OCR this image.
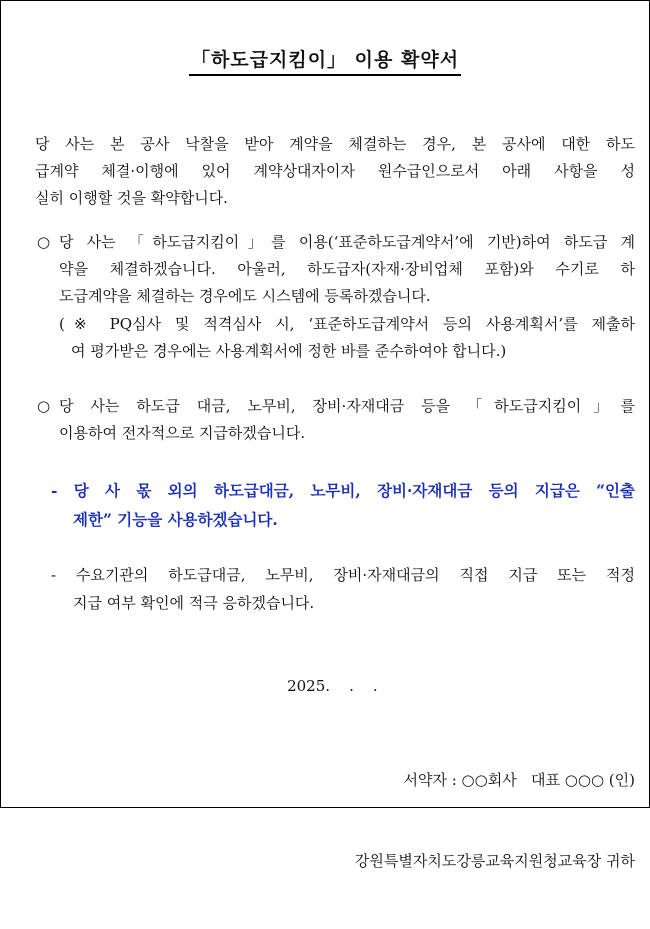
「하도급지킴이」 이용 확약서
당 사는 본 공사 낙찰을 받아 계약을 체결하는 경우, 본 공사에 대한 하도
급계약 체결·이행에 있어 계약상대자이자 원수급인으로서 아래 사항을 성
실히 이행할 것을 확약합니다.
○ 당 사는 「하도급지킴이」를 이용(‘표준하도급계약서’에 기반)하여 하도급 계
약을 체결하겠습니다. 아울러, 하도급자(자재·장비업체 포함)와 수기로 하
도급계약을 체결하는 경우에도 시스템에 등록하겠습니다.
(※ PQ심사 및 적격심사 시, ‘표준하도급계약서 등의 사용계획서’를 제출하
여 평가받은 경우에는 사용계획서에 정한 바를 준수하여야 합니다.)
○ 당 사는 하도급 대금, 노무비, 장비·자재대금 등을 「하도급지킴이」를
이용하여 전자적으로 지급하겠습니다.
- 당 사 몫 외의 하도급대금, 노무비, 장비·자재대금 등의 지급은 “인출
제한” 기능을 사용하겠습니다.
- 수요기관의 하도급대금, 노무비, 장비·자재대금의 직접 지급 또는 적정
지급 여부 확인에 적극 응하겠습니다.

2025.    .    .

서약자 : ○○회사   대표 ○○○ (인)

강원특별자치도강릉교육지원청교육장 귀하
